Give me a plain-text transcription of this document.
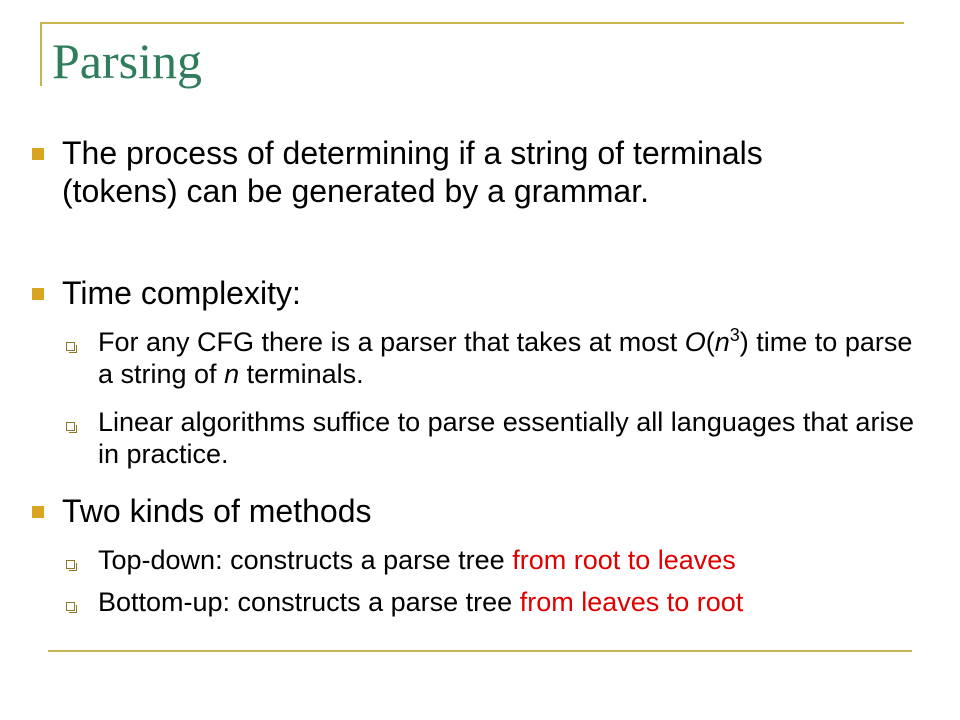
Parsing
The process of determining if a string of terminals (tokens) can be generated by a grammar.
Time complexity:
For any CFG there is a parser that takes at most $O(n^3)$ time to parse a string of n terminals.
Linear algorithms suffice to parse essentially all languages that arise in practice.
Two kinds of methods
Top-down: constructs a parse tree from root to leaves
Bottom-up: constructs a parse tree from leaves to root
